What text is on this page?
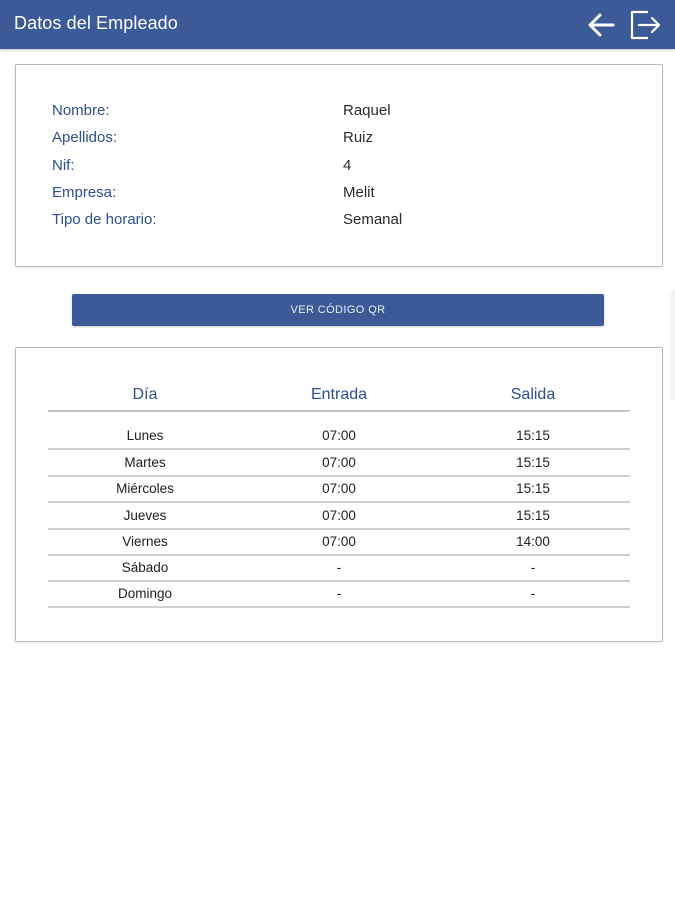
Datos del Empleado
Nombre:	Raquel
Apellidos:	Ruiz
Nif:	4
Empresa:	Melit
Tipo de horario:	Semanal
VER CÓDIGO QR
Día	Entrada	Salida
Lunes	07:00	15:15
Martes	07:00	15:15
Miércoles	07:00	15:15
Jueves	07:00	15:15
Viernes	07:00	14:00
Sábado	-	-
Domingo	-	-
